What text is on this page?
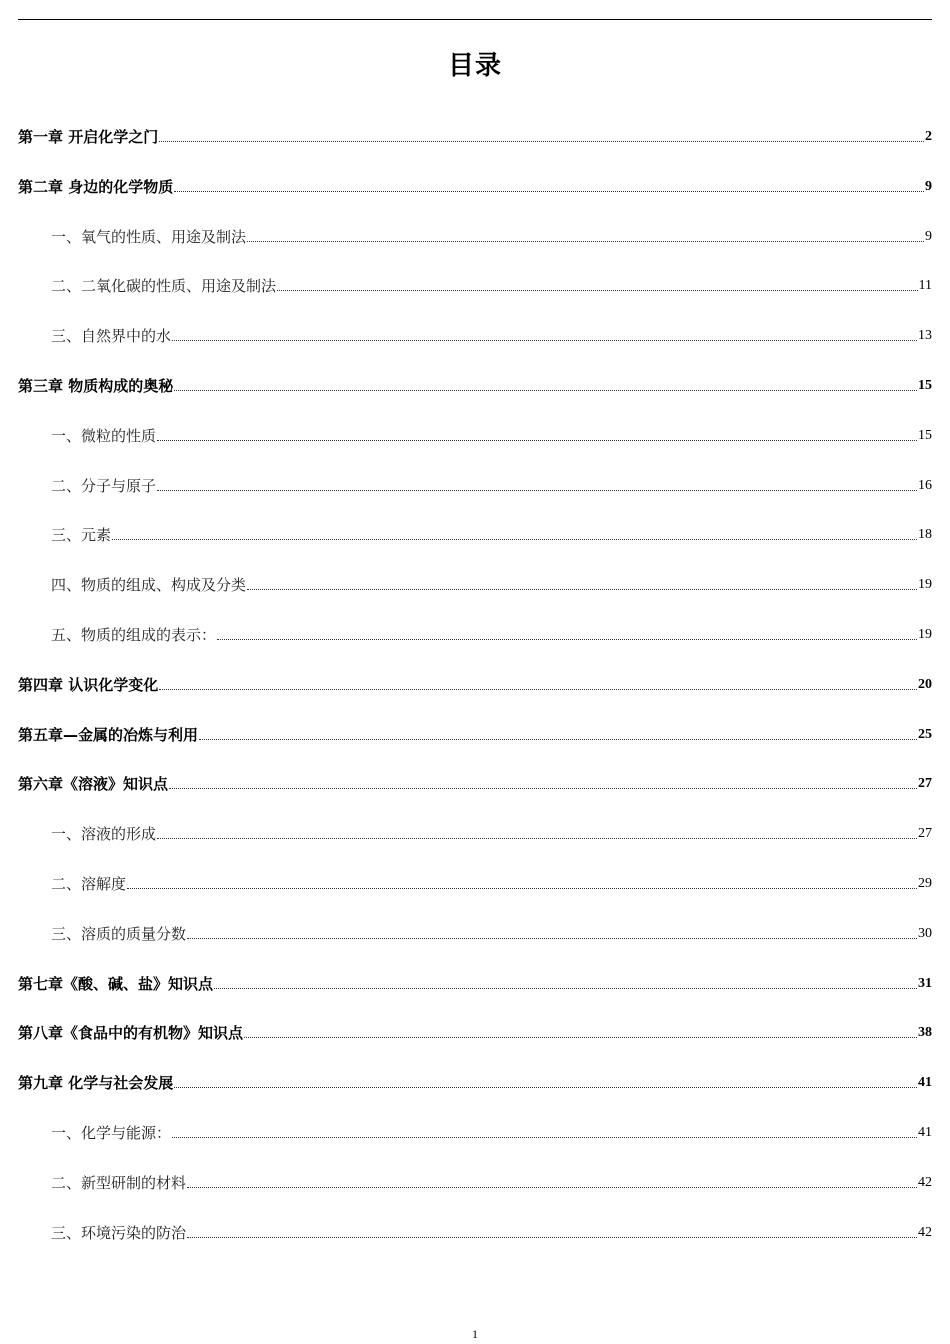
目录
第一章 开启化学之门	2
第二章 身边的化学物质	9
一、氧气的性质、用途及制法	9
二、二氧化碳的性质、用途及制法	11
三、自然界中的水	13
第三章 物质构成的奥秘	15
一、微粒的性质	15
二、分子与原子	16
三、元素	18
四、物质的组成、构成及分类	19
五、物质的组成的表示：	19
第四章 认识化学变化	20
第五章—金属的冶炼与利用	25
第六章《溶液》知识点	27
一、溶液的形成	27
二、溶解度	29
三、溶质的质量分数	30
第七章《酸、碱、盐》知识点	31
第八章《食品中的有机物》知识点	38
第九章 化学与社会发展	41
一、化学与能源：	41
二、新型研制的材料	42
三、环境污染的防治	42
1
